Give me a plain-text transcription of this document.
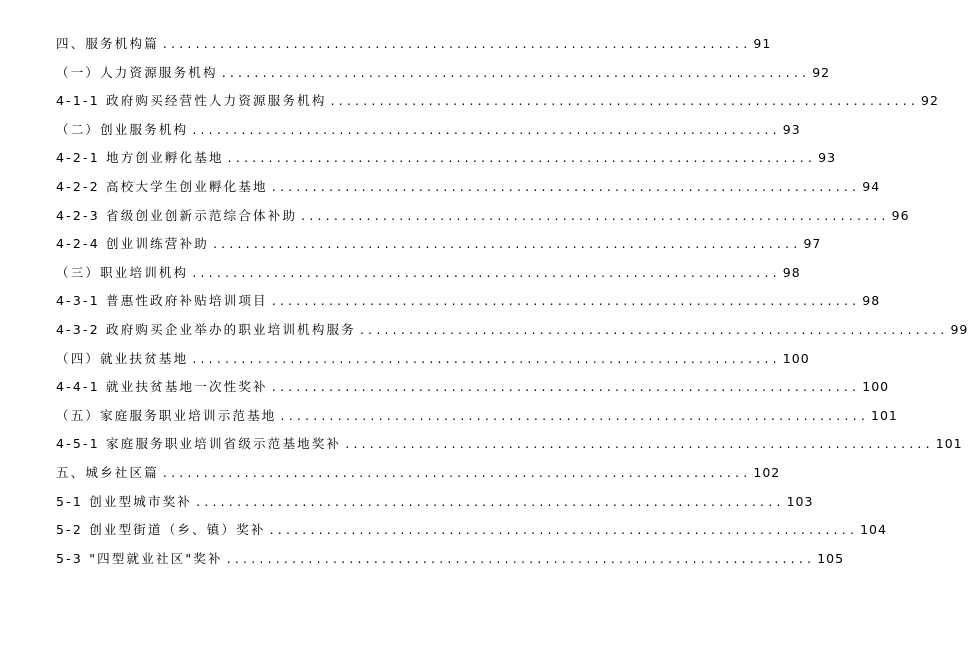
四、服务机构篇 ........................................................................ 91
（一）人力资源服务机构 ........................................................................ 92
4-1-1 政府购买经营性人力资源服务机构 ........................................................................ 92
（二）创业服务机构 ........................................................................ 93
4-2-1 地方创业孵化基地 ........................................................................ 93
4-2-2 高校大学生创业孵化基地 ........................................................................ 94
4-2-3 省级创业创新示范综合体补助 ........................................................................ 96
4-2-4 创业训练营补助 ........................................................................ 97
（三）职业培训机构 ........................................................................ 98
4-3-1 普惠性政府补贴培训项目 ........................................................................ 98
4-3-2 政府购买企业举办的职业培训机构服务 ........................................................................ 99
（四）就业扶贫基地 ........................................................................ 100
4-4-1 就业扶贫基地一次性奖补 ........................................................................ 100
（五）家庭服务职业培训示范基地 ........................................................................ 101
4-5-1 家庭服务职业培训省级示范基地奖补 ........................................................................ 101
五、城乡社区篇 ........................................................................ 102
5-1 创业型城市奖补 ........................................................................ 103
5-2 创业型街道（乡、镇）奖补 ........................................................................ 104
5-3 "四型就业社区"奖补 ........................................................................ 105
